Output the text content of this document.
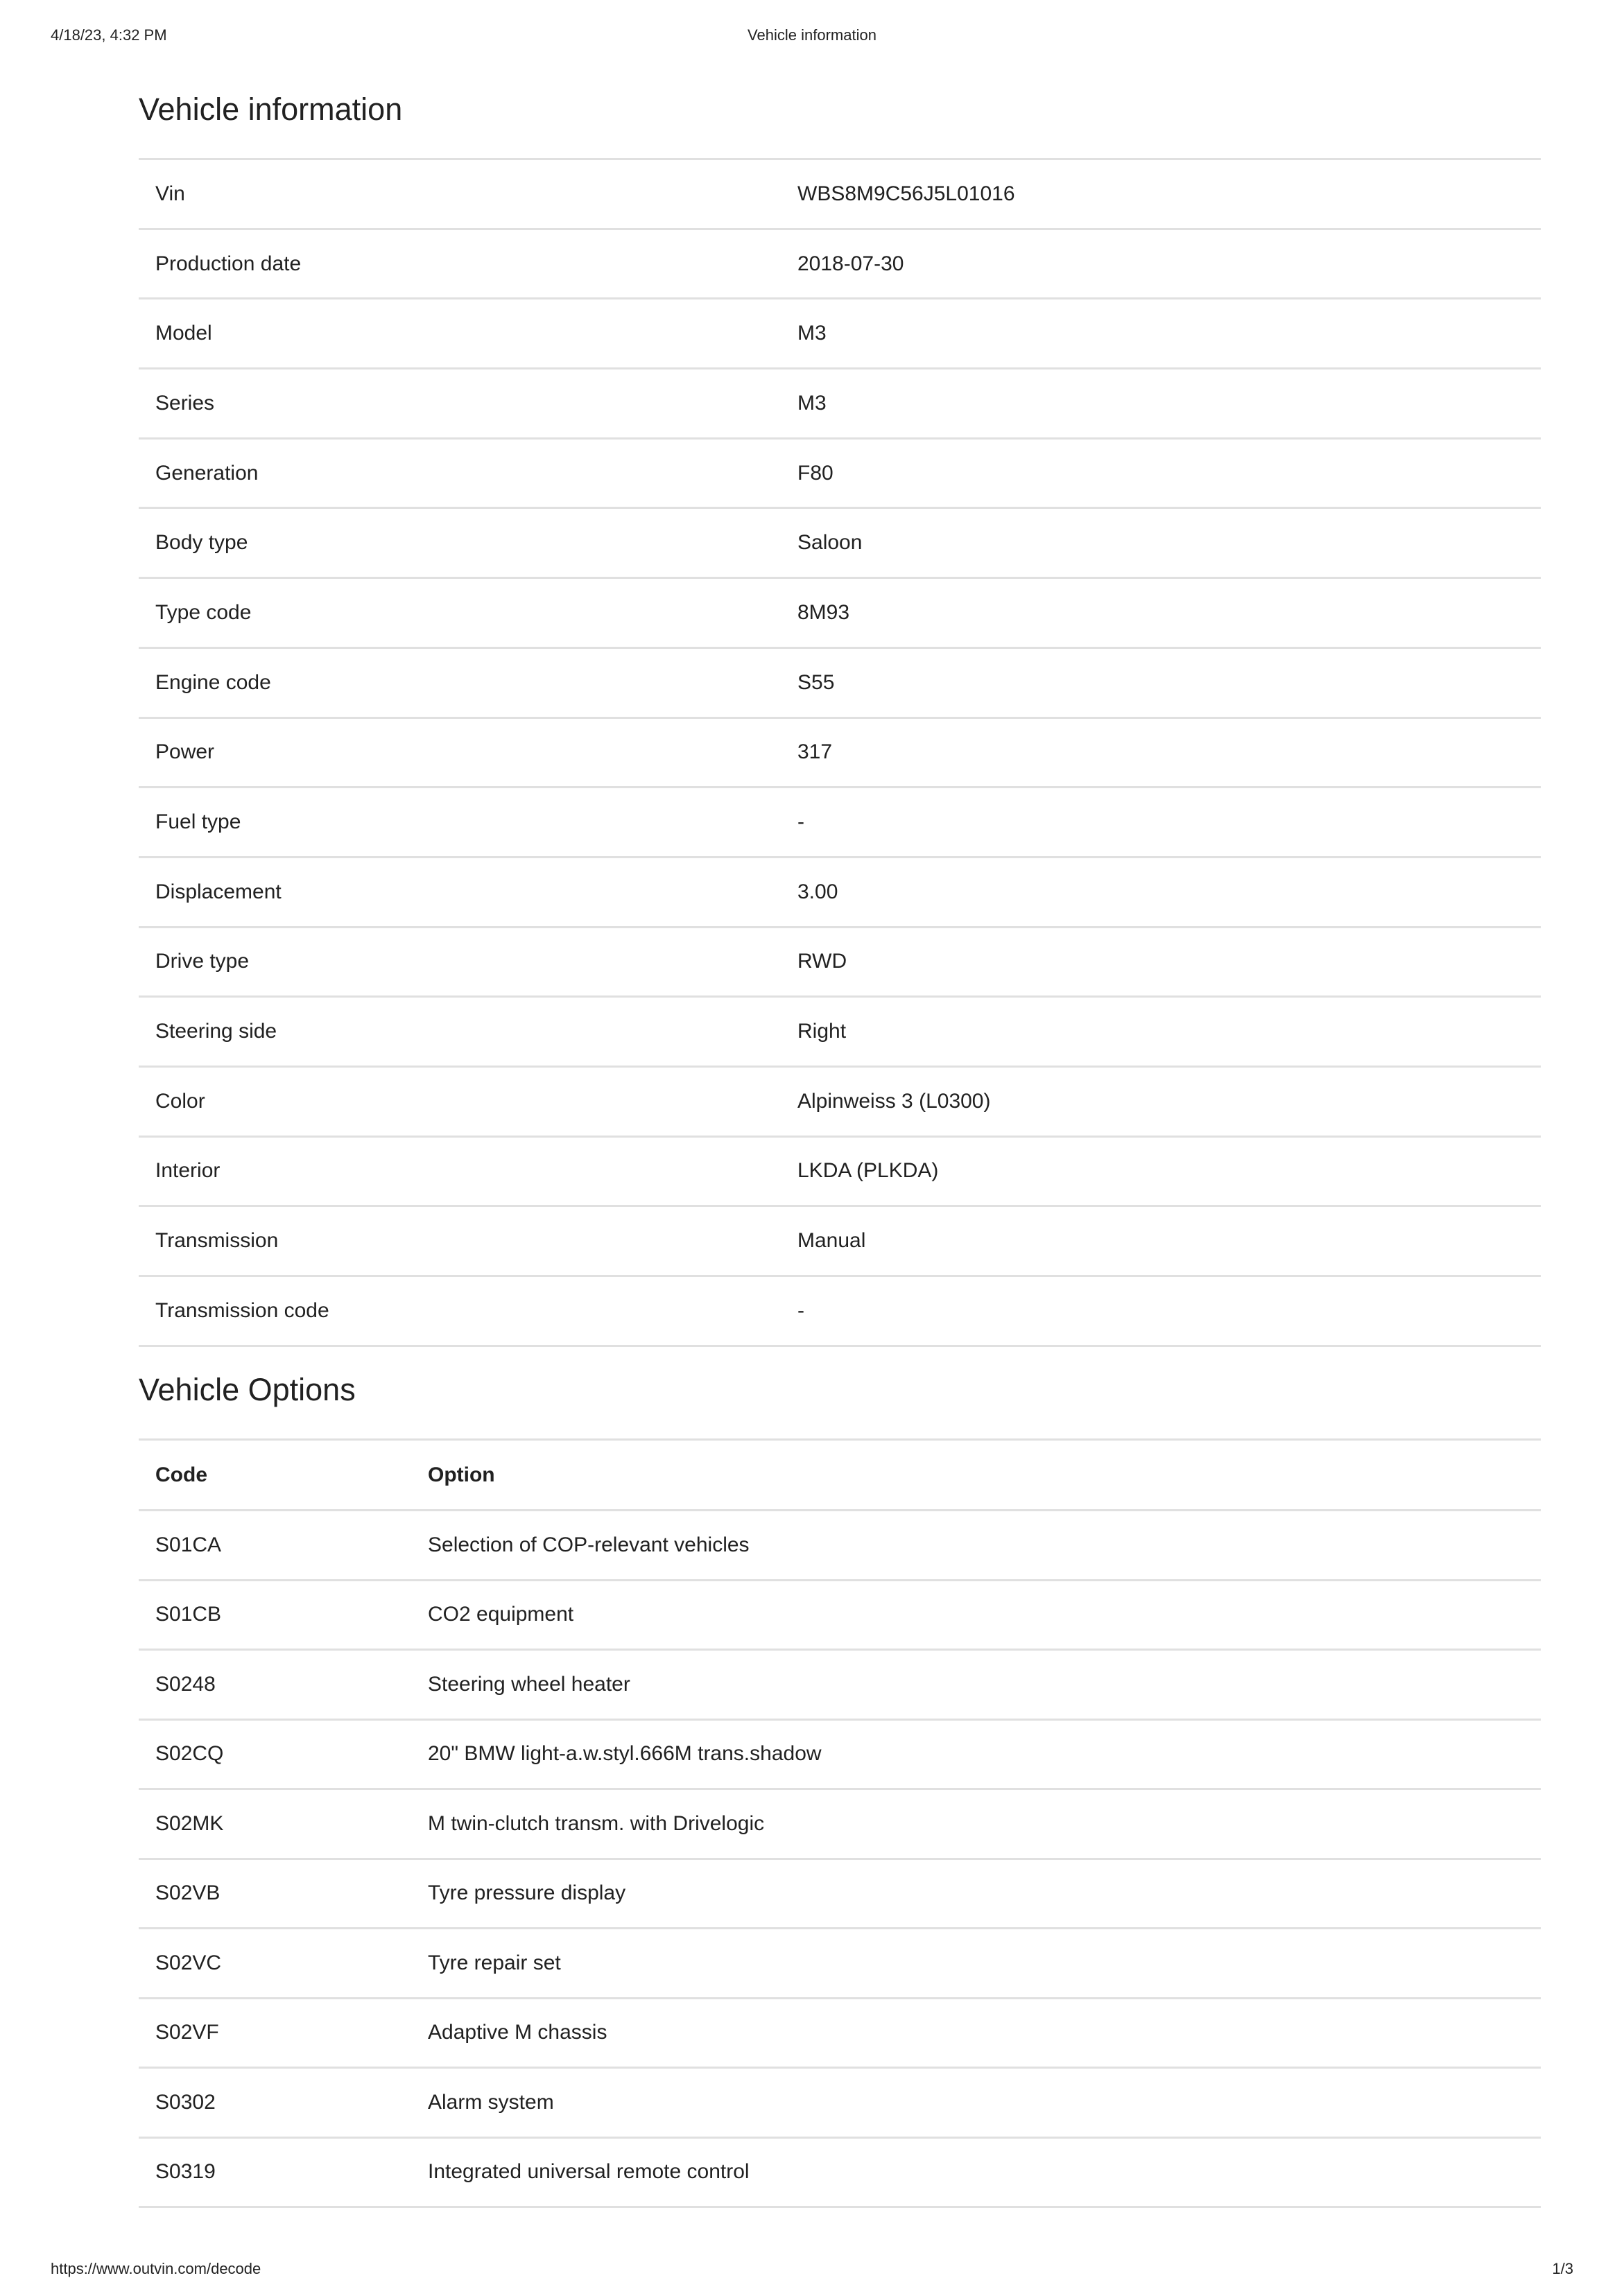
4/18/23, 4:32 PM	Vehicle information
Vehicle information
Vin	WBS8M9C56J5L01016
Production date	2018-07-30
Model	M3
Series	M3
Generation	F80
Body type	Saloon
Type code	8M93
Engine code	S55
Power	317
Fuel type	-
Displacement	3.00
Drive type	RWD
Steering side	Right
Color	Alpinweiss 3 (L0300)
Interior	LKDA (PLKDA)
Transmission	Manual
Transmission code	-
Vehicle Options
Code	Option
S01CA	Selection of COP-relevant vehicles
S01CB	CO2 equipment
S0248	Steering wheel heater
S02CQ	20" BMW light-a.w.styl.666M trans.shadow
S02MK	M twin-clutch transm. with Drivelogic
S02VB	Tyre pressure display
S02VC	Tyre repair set
S02VF	Adaptive M chassis
S0302	Alarm system
S0319	Integrated universal remote control
https://www.outvin.com/decode	1/3
